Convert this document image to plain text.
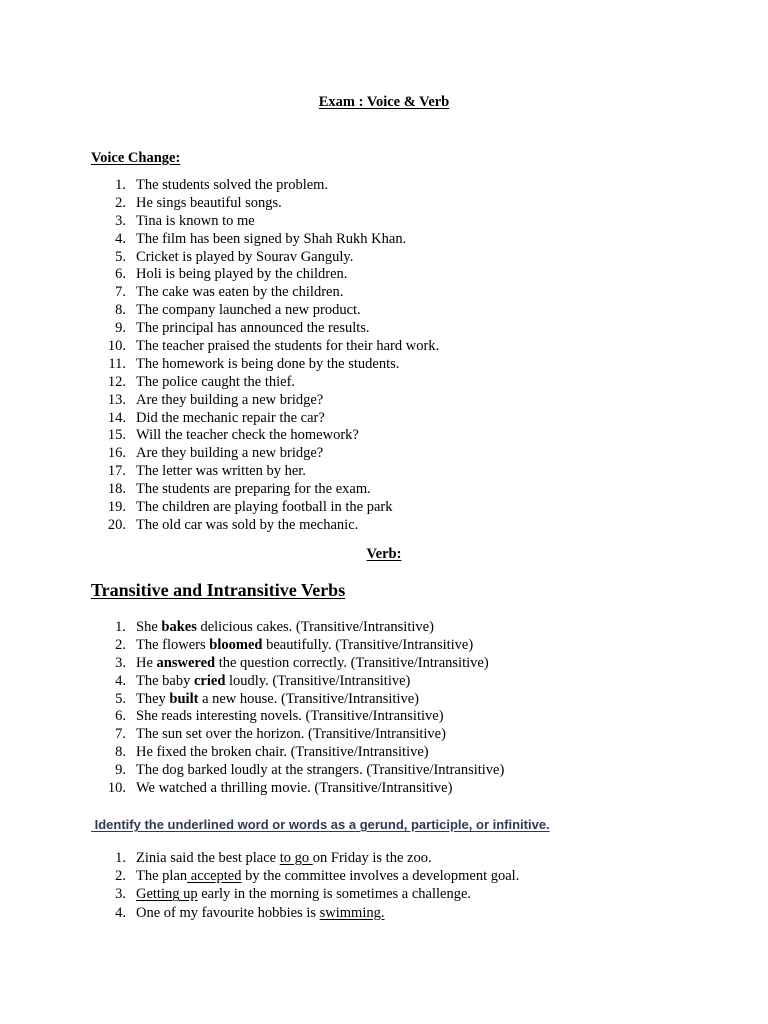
Exam : Voice & Verb
Voice Change:
1. The students solved the problem.
2. He sings beautiful songs.
3. Tina is known to me
4. The film has been signed by Shah Rukh Khan.
5. Cricket is played by Sourav Ganguly.
6. Holi is being played by the children.
7. The cake was eaten by the children.
8. The company launched a new product.
9. The principal has announced the results.
10. The teacher praised the students for their hard work.
11. The homework is being done by the students.
12. The police caught the thief.
13. Are they building a new bridge?
14. Did the mechanic repair the car?
15. Will the teacher check the homework?
16. Are they building a new bridge?
17. The letter was written by her.
18. The students are preparing for the exam.
19. The children are playing football in the park
20. The old car was sold by the mechanic.
Verb:
Transitive and Intransitive Verbs
1. She bakes delicious cakes. (Transitive/Intransitive)
2. The flowers bloomed beautifully. (Transitive/Intransitive)
3. He answered the question correctly. (Transitive/Intransitive)
4. The baby cried loudly. (Transitive/Intransitive)
5. They built a new house. (Transitive/Intransitive)
6. She reads interesting novels. (Transitive/Intransitive)
7. The sun set over the horizon. (Transitive/Intransitive)
8. He fixed the broken chair. (Transitive/Intransitive)
9. The dog barked loudly at the strangers. (Transitive/Intransitive)
10. We watched a thrilling movie. (Transitive/Intransitive)
Identify the underlined word or words as a gerund, participle, or infinitive.
1. Zinia said the best place to go on Friday is the zoo.
2. The plan accepted by the committee involves a development goal.
3. Getting up early in the morning is sometimes a challenge.
4. One of my favourite hobbies is swimming.
